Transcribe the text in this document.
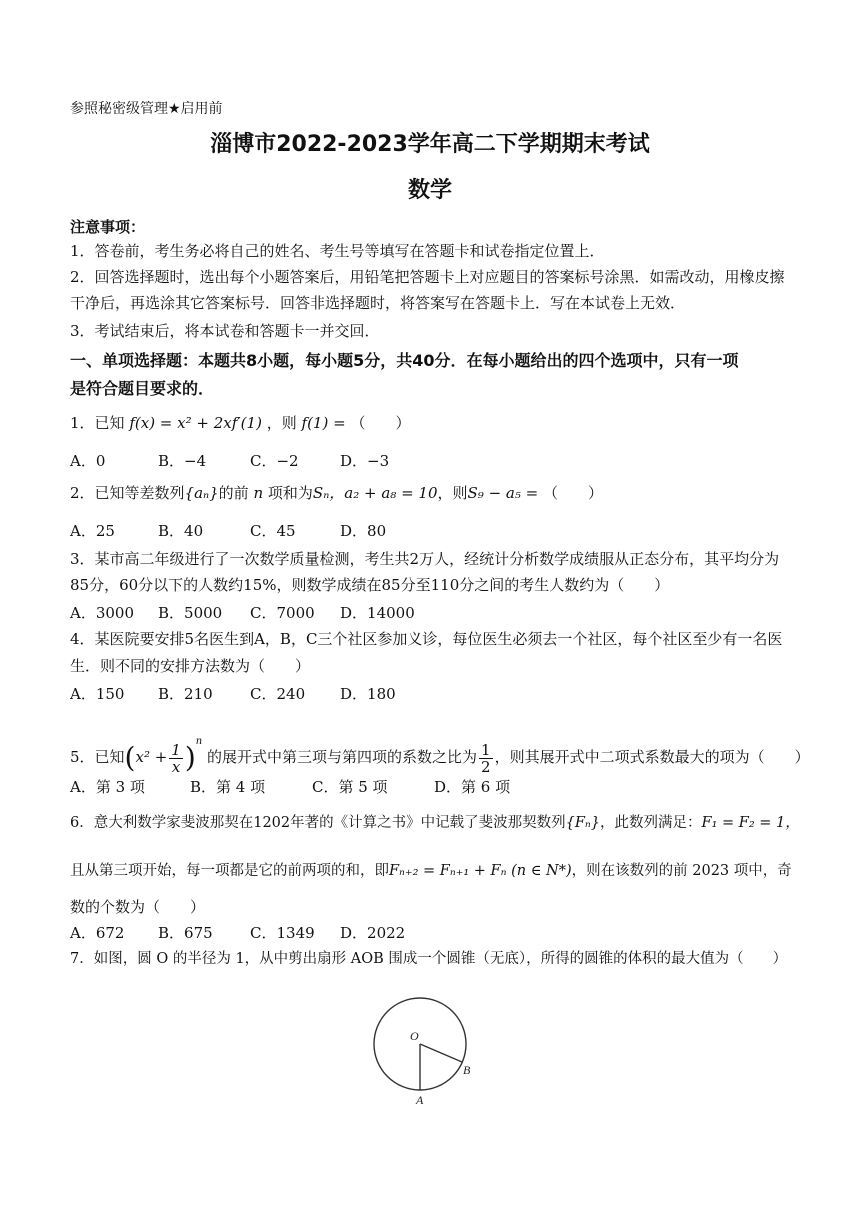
参照秘密级管理★启用前
淄博市2022-2023学年高二下学期期末考试
数学
注意事项：
1．答卷前，考生务必将自己的姓名、考生号等填写在答题卡和试卷指定位置上．
2．回答选择题时，选出每个小题答案后，用铅笔把答题卡上对应题目的答案标号涂黑．如需改动，用橡皮擦
干净后，再选涂其它答案标号．回答非选择题时，将答案写在答题卡上．写在本试卷上无效．
3．考试结束后，将本试卷和答题卡一并交回．
一、单项选择题：本题共8小题，每小题5分，共40分．在每小题给出的四个选项中，只有一项
是符合题目要求的．
1．已知 f(x) = x² + 2xf′(1) ，则 f(1) = （　　）
A．0	B．−4	C．−2	D．−3
2．已知等差数列{aₙ}的前 n 项和为Sₙ，a₂ + a₈ = 10，则S₉ − a₅ = （　　）
A．25	B．40	C．45	D．80
3．某市高二年级进行了一次数学质量检测，考生共2万人，经统计分析数学成绩服从正态分布，其平均分为
85分，60分以下的人数约15%，则数学成绩在85分至110分之间的考生人数约为（　　）
A．3000	B．5000	C．7000	D．14000
4．某医院要安排5名医生到A，B，C三个社区参加义诊，每位医生必须去一个社区，每个社区至少有一名医
生．则不同的安排方法数为（　　）
A．150	B．210	C．240	D．180
5．已知$(x^2 + \frac{1}{x} )^n$ 的展开式中第三项与第四项的系数之比为 $\frac{1}{2}$ ，则其展开式中二项式系数最大的项为（　　）
A．第 3 项	B．第 4 项	C．第 5 项	D．第 6 项
6．意大利数学家斐波那契在1202年著的《计算之书》中记载了斐波那契数列{Fₙ}，此数列满足：F₁ = F₂ = 1，
且从第三项开始，每一项都是它的前两项的和，即Fₙ₊₂ = Fₙ₊₁ + Fₙ (n ∈ N*)，则在该数列的前 2023 项中，奇
数的个数为（　　）
A．672	B．675	C．1349	D．2022
7．如图，圆 O 的半径为 1，从中剪出扇形 AOB 围成一个圆锥（无底），所得的圆锥的体积的最大值为（　　）
O
B
A
